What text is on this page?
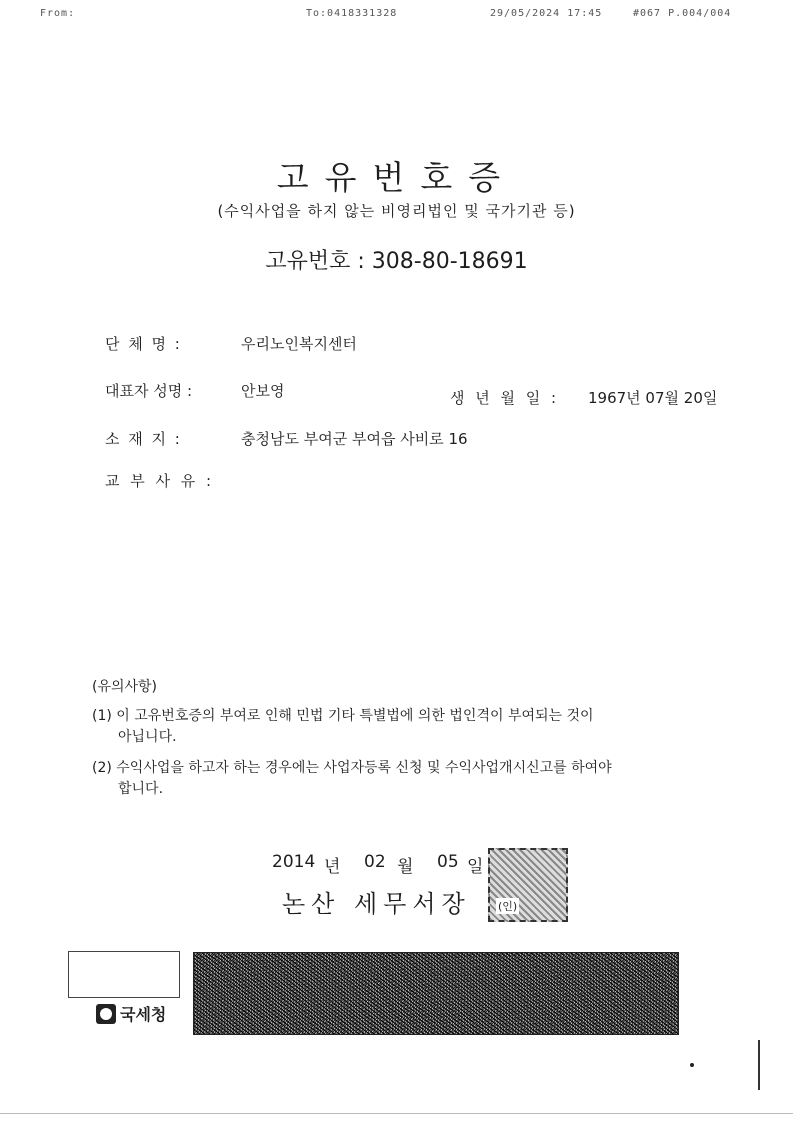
From:	To:0418331328	29/05/2024 17:45	#067 P.004/004
고유번호증
(수익사업을 하지 않는 비영리법인 및 국가기관 등)
고유번호 : 308-80-18691
단 체 명 :	우리노인복지센터
대표자 성명 :	안보영	생 년 월 일 : 1967년 07월 20일
소 재 지 :	충청남도 부여군 부여읍 사비로 16
교 부 사 유 :
(유의사항)
(1) 이 고유번호증의 부여로 인해 민법 기타 특별법에 의한 법인격이 부여되는 것이
아닙니다.
(2) 수익사업을 하고자 하는 경우에는 사업자등록 신청 및 수익사업개시신고를 하여야
합니다.
2014 년 02 월 05 일
논산 세무서장 (인)
국세청
